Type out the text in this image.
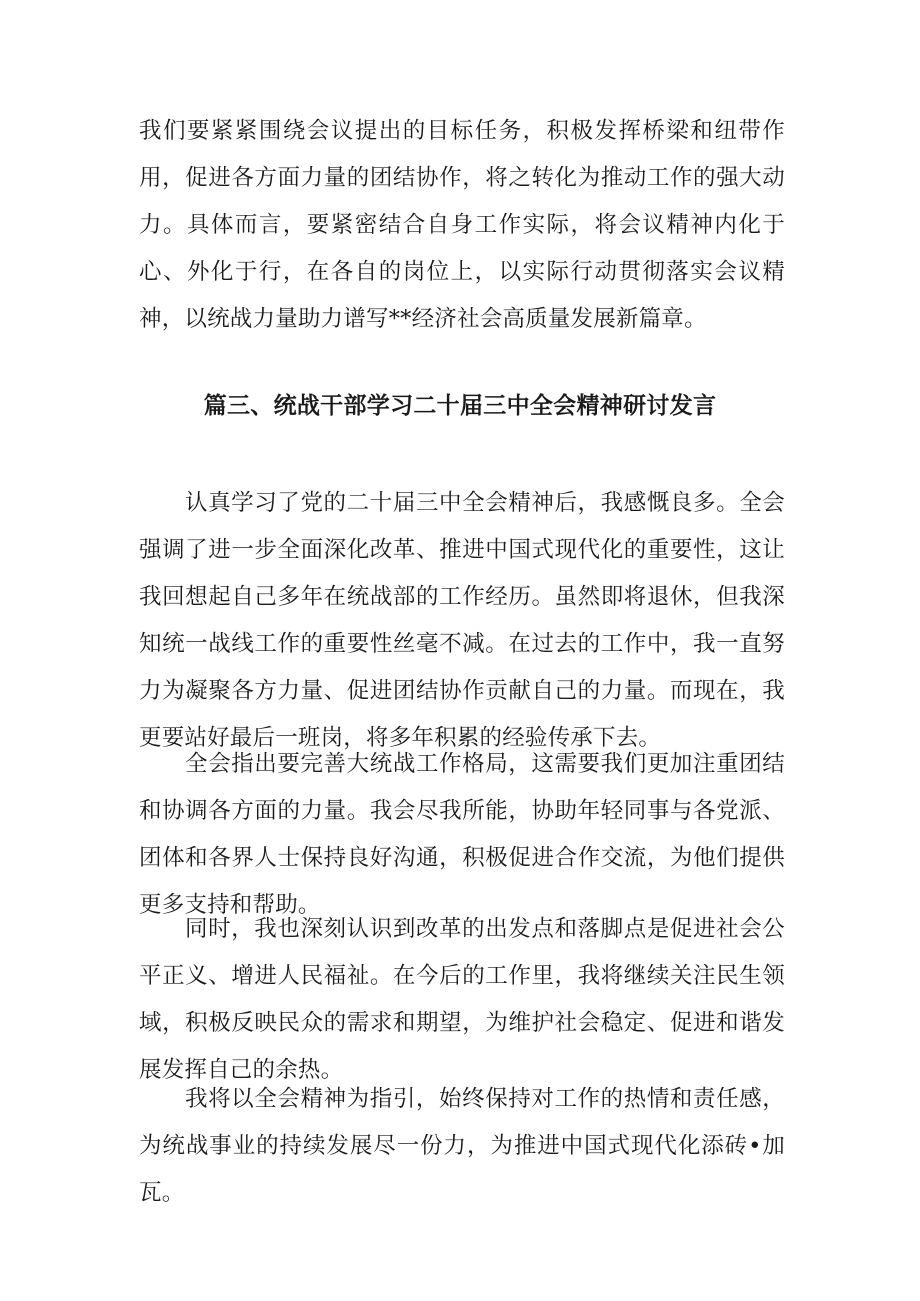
我们要紧紧围绕会议提出的目标任务，积极发挥桥梁和纽带作用，促进各方面力量的团结协作，将之转化为推动工作的强大动力。具体而言，要紧密结合自身工作实际，将会议精神内化于心、外化于行，在各自的岗位上，以实际行动贯彻落实会议精神，以统战力量助力谱写**经济社会高质量发展新篇章。

篇三、统战干部学习二十届三中全会精神研讨发言

认真学习了党的二十届三中全会精神后，我感慨良多。全会强调了进一步全面深化改革、推进中国式现代化的重要性，这让我回想起自己多年在统战部的工作经历。虽然即将退休，但我深知统一战线工作的重要性丝毫不减。在过去的工作中，我一直努力为凝聚各方力量、促进团结协作贡献自己的力量。而现在，我更要站好最后一班岗，将多年积累的经验传承下去。

全会指出要完善大统战工作格局，这需要我们更加注重团结和协调各方面的力量。我会尽我所能，协助年轻同事与各党派、团体和各界人士保持良好沟通，积极促进合作交流，为他们提供更多支持和帮助。

同时，我也深刻认识到改革的出发点和落脚点是促进社会公平正义、增进人民福祉。在今后的工作里，我将继续关注民生领域，积极反映民众的需求和期望，为维护社会稳定、促进和谐发展发挥自己的余热。

我将以全会精神为指引，始终保持对工作的热情和责任感，为统战事业的持续发展尽一份力，为推进中国式现代化添砖•加瓦。
